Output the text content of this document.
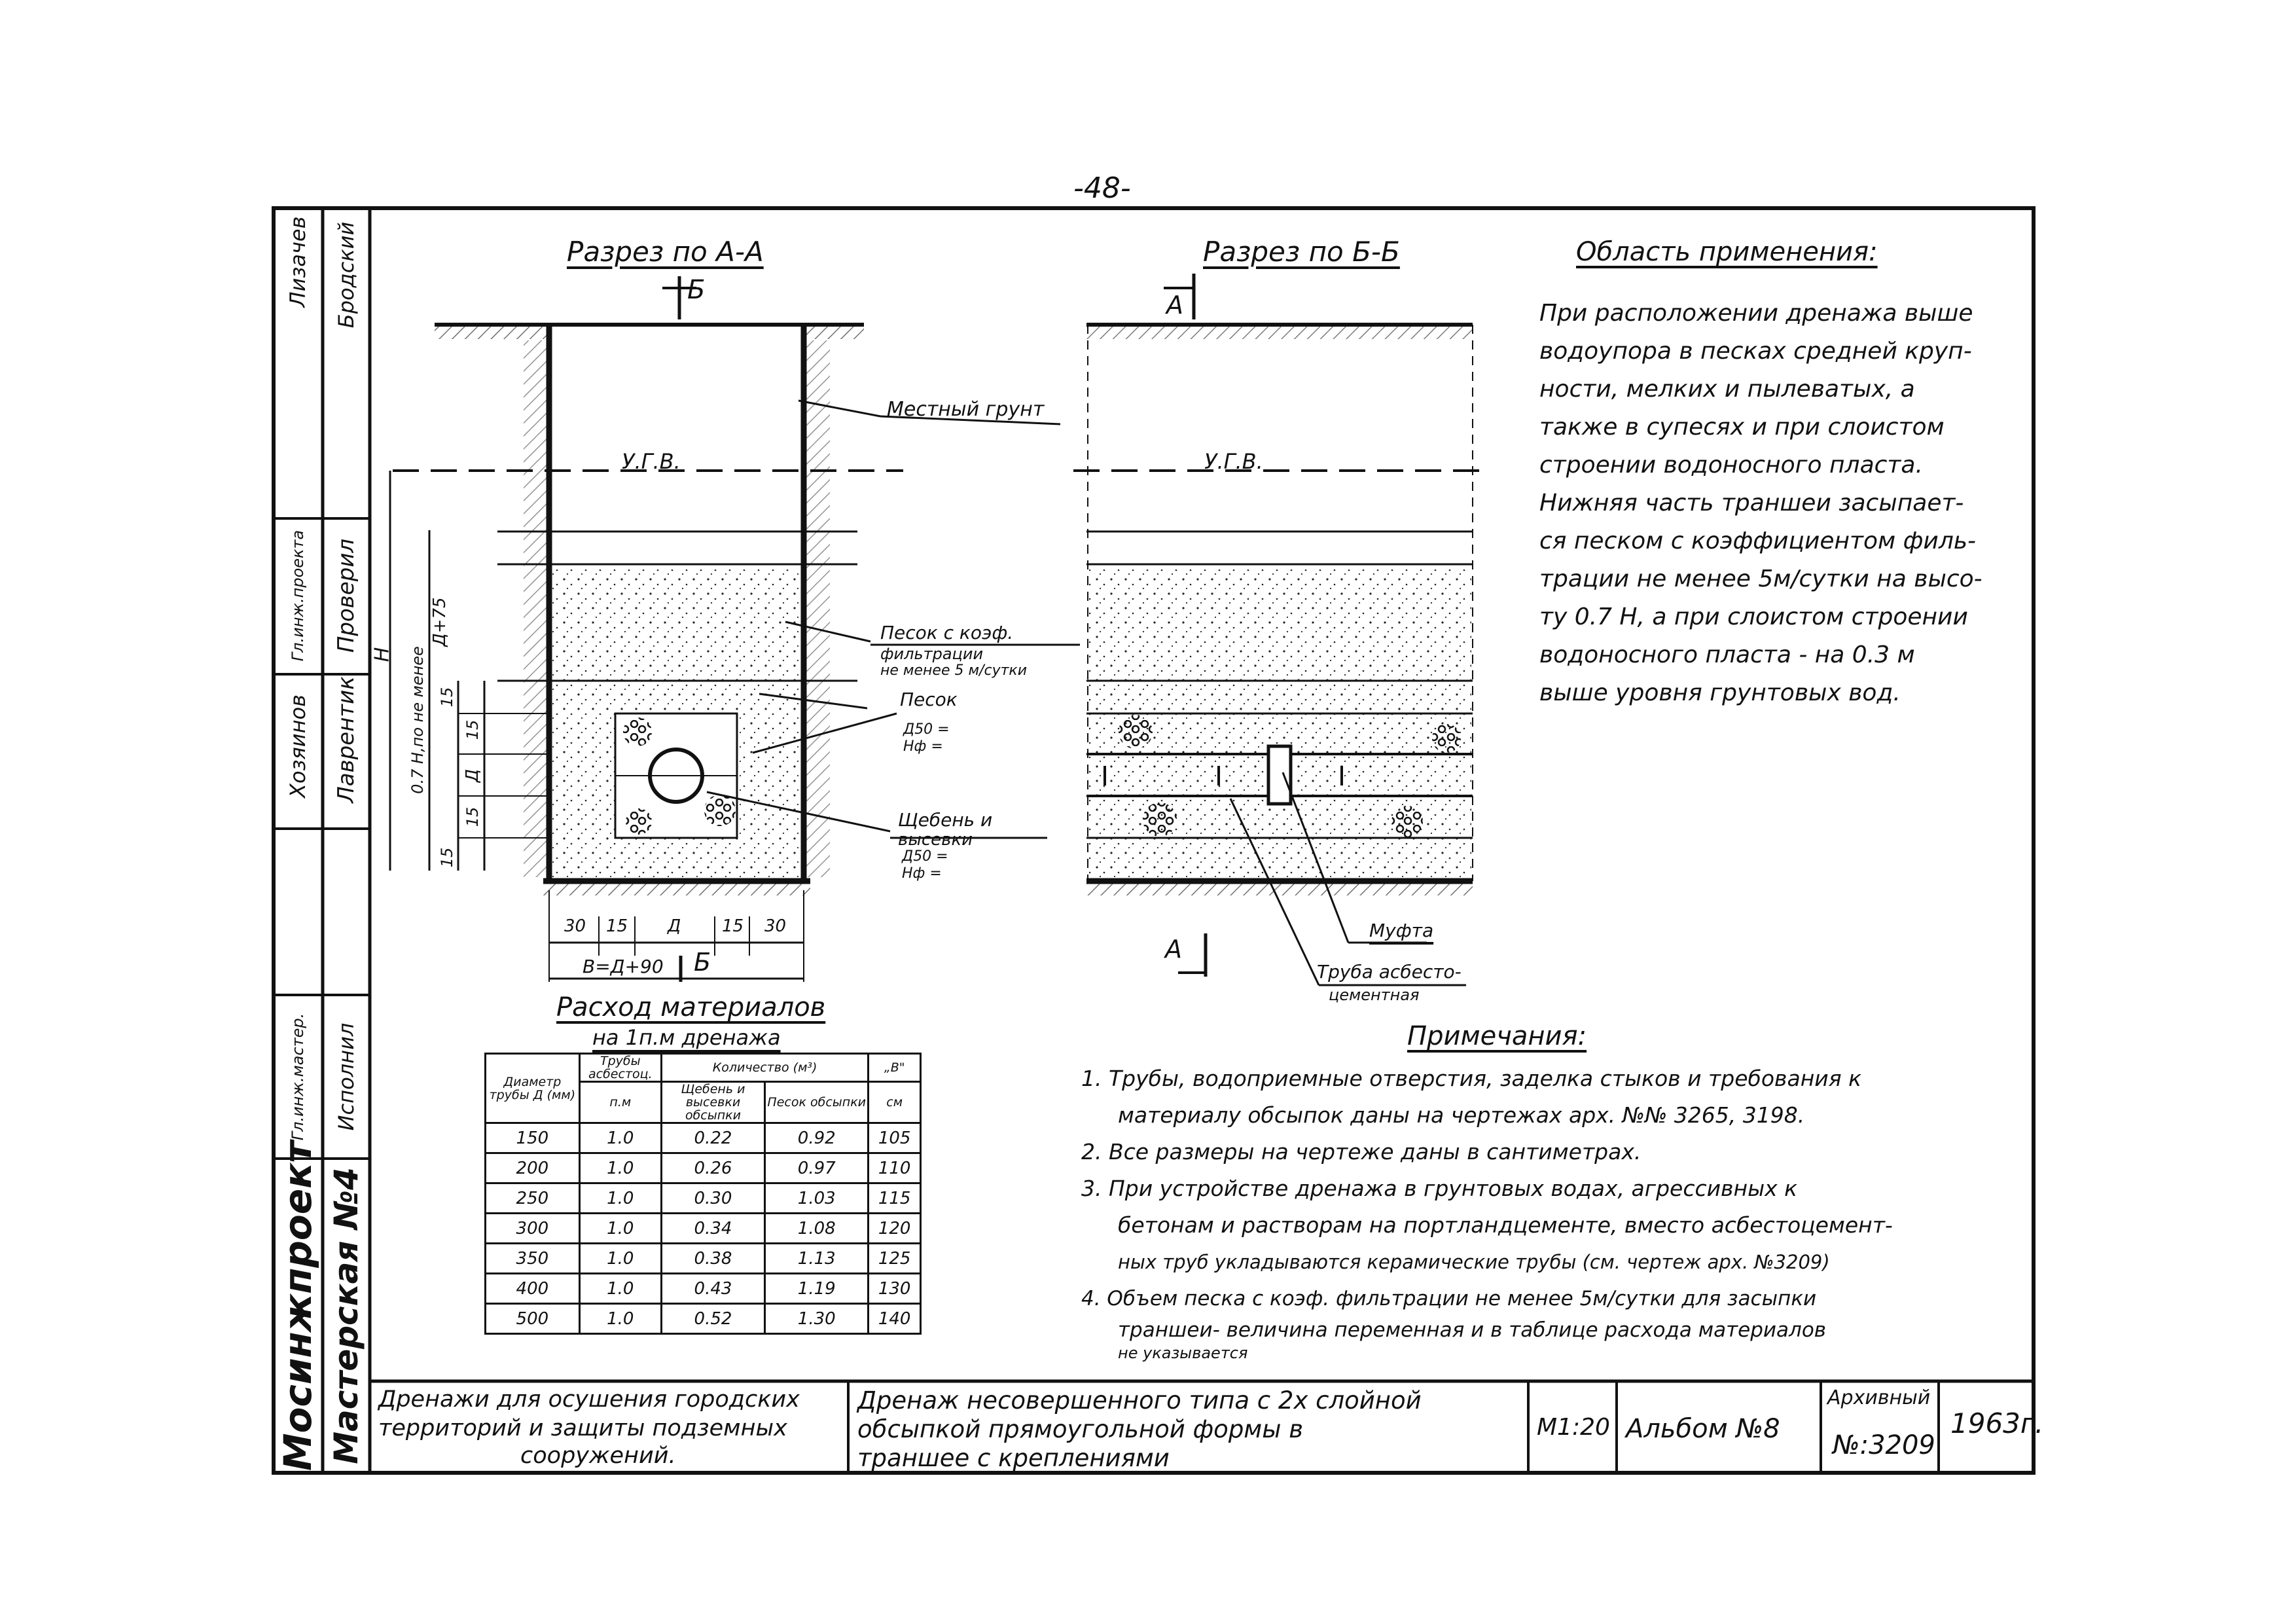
-48-
Мосинжпроект Мастерская №4
Гл.инж.мастер. Исполнил
Гл.инж.проекта Проверил
Лизачев Бродский
Лаврентик
Хозяинов
Разрез по А-А
Б
У.Г.В.
Местный грунт
Песок с коэф.
фильтрации
не менее 5 м/сутки
Песок
Д50 =
Нф =
Щебень и
высевки
Д50 =
Нф =
Н 0.7 Н,по не менее
Д+75
15
15
Д
15
15
30 15 Д 15 30
В=Д+90 Б
Разрез по Б-Б
А
У.Г.В.
А
Муфта
Труба асбесто-
цементная
Область применения:

При расположении дренажа выше

водоупора в песках средней круп-

ности, мелких и пылеватых, а

также в супесях и при слоистом

строении водоносного пласта.

Нижняя часть траншеи засыпает-

ся песком с коэффициентом филь-

трации не менее 5м/сутки на высо-

ту 0.7 Н, а при слоистом строении

водоносного пласта - на 0.3 м

выше уровня грунтовых вод.

Расход материалов
на 1п.м дренажа
Диаметр трубы Д (мм)	Трубы асбестоц.	Количество (м³)		„В"
	п.м	Щебень и высевки обсыпки	Песок обсыпки	см
150	1.0	0.22	0.92	105
200	1.0	0.26	0.97	110
250	1.0	0.30	1.03	115
300	1.0	0.34	1.08	120
350	1.0	0.38	1.13	125
400	1.0	0.43	1.19	130
500	1.0	0.52	1.30	140
Примечания:

1. Трубы, водоприемные отверстия, заделка стыков и требования к

материалу обсыпок даны на чертежах арх. №№ 3265, 3198.

2. Все размеры на чертеже даны в сантиметрах.

3. При устройстве дренажа в грунтовых водах, агрессивных к

бетонам и растворам на портландцементе, вместо асбестоцемент-

ных труб укладываются керамические трубы (см. чертеж арх. №3209)

4. Объем песка с коэф. фильтрации не менее 5м/сутки для засыпки

траншеи- величина переменная и в таблице расхода материалов

не указывается

Дренажи для осушения городских
территорий и защиты подземных
сооружений.
Дренаж несовершенного типа с 2х слойной
обсыпкой прямоугольной формы в
траншее с креплениями
М1:20 Альбом №8
Архивный
№:3209
1963г.
